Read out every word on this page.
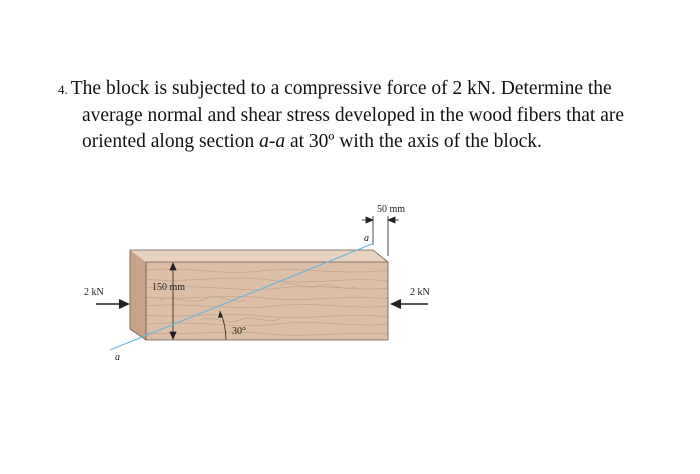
4. The block is subjected to a compressive force of 2 kN. Determine the
average normal and shear stress developed in the wood fibers that are
oriented along section a-a at 30º with the axis of the block.
150 mm
50 mm
a
a
30°
2 kN	2 kN
